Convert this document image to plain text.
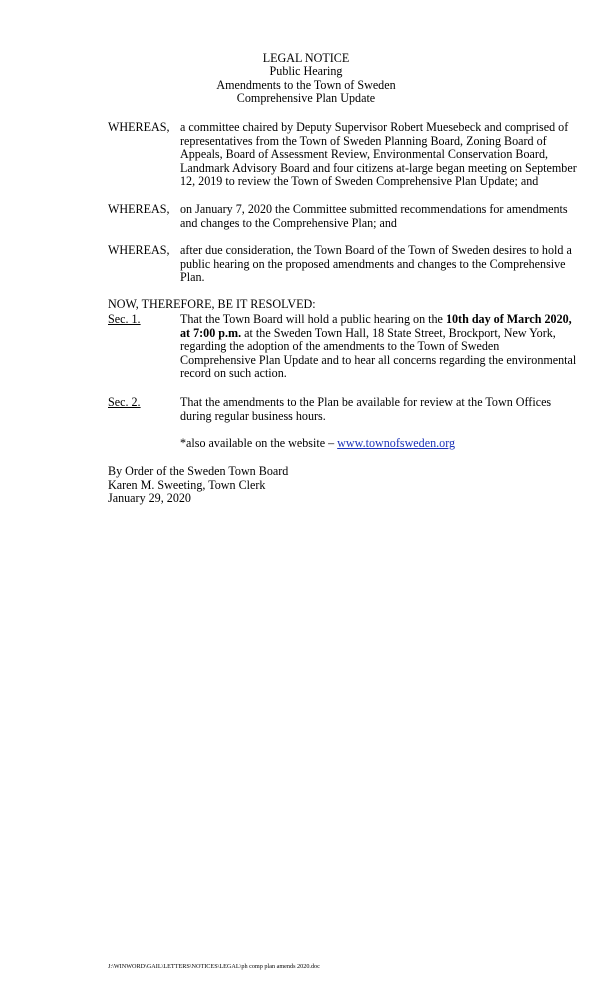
LEGAL NOTICE
Public Hearing
Amendments to the Town of Sweden
Comprehensive Plan Update
WHEREAS, a committee chaired by Deputy Supervisor Robert Muesebeck and comprised of representatives from the Town of Sweden Planning Board, Zoning Board of Appeals, Board of Assessment Review, Environmental Conservation Board, Landmark Advisory Board and four citizens at-large began meeting on September 12, 2019 to review the Town of Sweden Comprehensive Plan Update; and
WHEREAS, on January 7, 2020 the Committee submitted recommendations for amendments and changes to the Comprehensive Plan; and
WHEREAS, after due consideration, the Town Board of the Town of Sweden desires to hold a public hearing on the proposed amendments and changes to the Comprehensive Plan.
NOW, THEREFORE, BE IT RESOLVED:
Sec. 1.	That the Town Board will hold a public hearing on the 10th day of March 2020, at 7:00 p.m. at the Sweden Town Hall, 18 State Street, Brockport, New York, regarding the adoption of the amendments to the Town of Sweden Comprehensive Plan Update and to hear all concerns regarding the environmental record on such action.
Sec. 2.	That the amendments to the Plan be available for review at the Town Offices during regular business hours.
*also available on the website – www.townofsweden.org
By Order of the Sweden Town Board
Karen M. Sweeting, Town Clerk
January 29, 2020
J:\WINWORD\GAIL\LETTERS\NOTICES\LEGAL\ph comp plan amends 2020.doc
